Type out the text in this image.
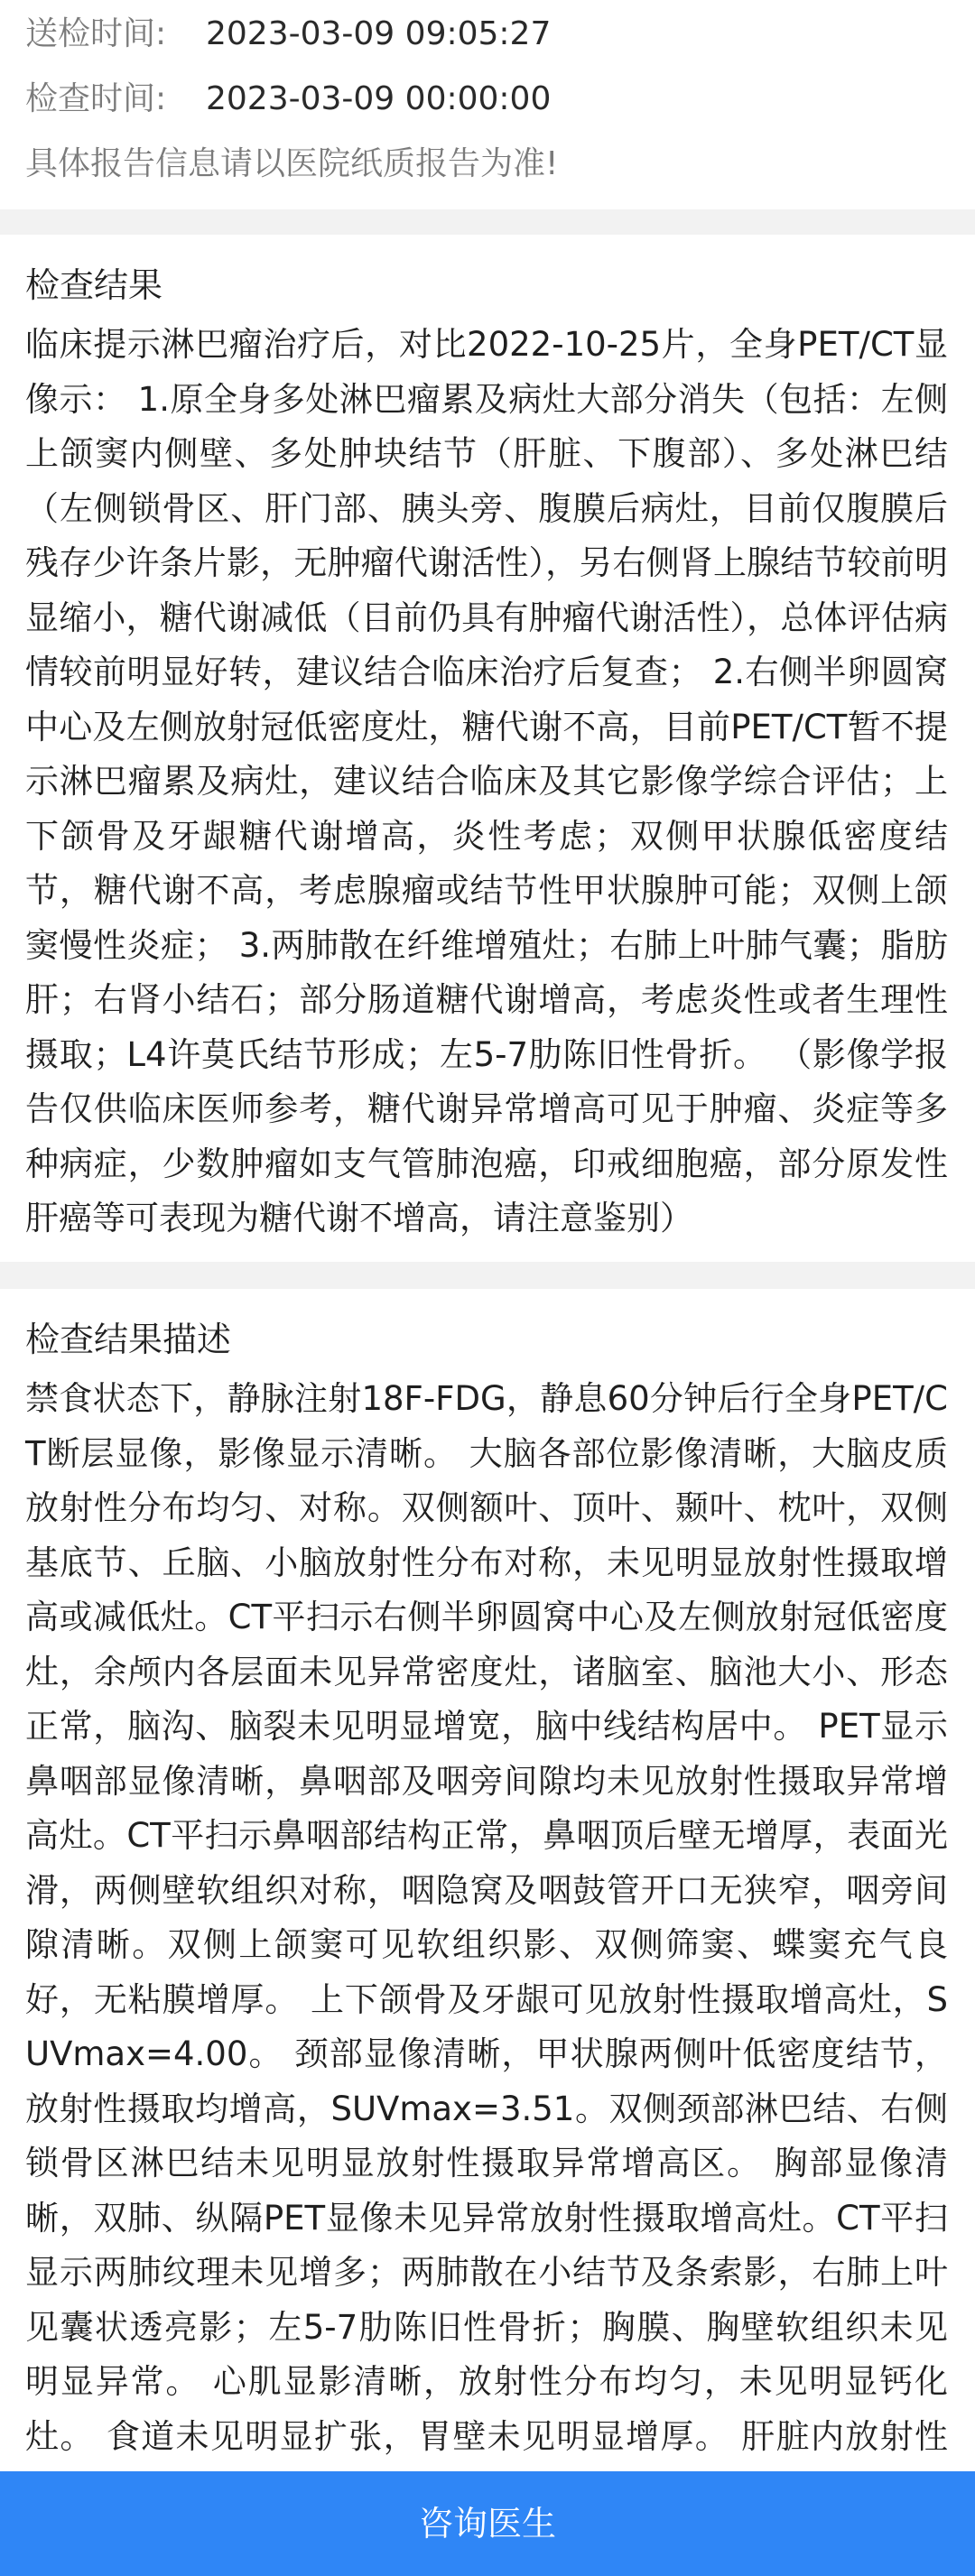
送检时间: 2023-03-09 09:05:27
检查时间: 2023-03-09 00:00:00
具体报告信息请以医院纸质报告为准!
检查结果
临床提示淋巴瘤治疗后，对比2022-10-25片，全身PET/CT显像示： 1.原全身多处淋巴瘤累及病灶大部分消失（包括：左侧上颌窦内侧壁、多处肿块结节（肝脏、下腹部）、多处淋巴结（左侧锁骨区、肝门部、胰头旁、腹膜后病灶，目前仅腹膜后残存少许条片影，无肿瘤代谢活性），另右侧肾上腺结节较前明显缩小，糖代谢减低（目前仍具有肿瘤代谢活性），总体评估病情较前明显好转，建议结合临床治疗后复查； 2.右侧半卵圆窝中心及左侧放射冠低密度灶，糖代谢不高，目前PET/CT暂不提示淋巴瘤累及病灶，建议结合临床及其它影像学综合评估；上下颌骨及牙龈糖代谢增高，炎性考虑；双侧甲状腺低密度结节，糖代谢不高，考虑腺瘤或结节性甲状腺肿可能；双侧上颌窦慢性炎症； 3.两肺散在纤维增殖灶；右肺上叶肺气囊；脂肪肝；右肾小结石；部分肠道糖代谢增高，考虑炎性或者生理性摄取；L4许莫氏结节形成；左5-7肋陈旧性骨折。 （影像学报告仅供临床医师参考，糖代谢异常增高可见于肿瘤、炎症等多种病症，少数肿瘤如支气管肺泡癌，印戒细胞癌，部分原发性肝癌等可表现为糖代谢不增高，请注意鉴别）
检查结果描述
禁食状态下，静脉注射18F-FDG，静息60分钟后行全身PET/CT断层显像，影像显示清晰。 大脑各部位影像清晰，大脑皮质放射性分布均匀、对称。双侧额叶、顶叶、颞叶、枕叶，双侧基底节、丘脑、小脑放射性分布对称，未见明显放射性摄取增高或减低灶。CT平扫示右侧半卵圆窝中心及左侧放射冠低密度灶，余颅内各层面未见异常密度灶，诸脑室、脑池大小、形态正常，脑沟、脑裂未见明显增宽，脑中线结构居中。 PET显示鼻咽部显像清晰，鼻咽部及咽旁间隙均未见放射性摄取异常增高灶。CT平扫示鼻咽部结构正常，鼻咽顶后壁无增厚，表面光滑，两侧壁软组织对称，咽隐窝及咽鼓管开口无狭窄，咽旁间隙清晰。双侧上颌窦可见软组织影、双侧筛窦、蝶窦充气良好，无粘膜增厚。 上下颌骨及牙龈可见放射性摄取增高灶，SUVmax=4.00。 颈部显像清晰，甲状腺两侧叶低密度结节，放射性摄取均增高，SUVmax=3.51。双侧颈部淋巴结、右侧锁骨区淋巴结未见明显放射性摄取异常增高区。 胸部显像清晰，双肺、纵隔PET显像未见异常放射性摄取增高灶。CT平扫显示两肺纹理未见增多；两肺散在小结节及条索影，右肺上叶见囊状透亮影；左5-7肋陈旧性骨折；胸膜、胸壁软组织未见明显异常。 心肌显影清晰，放射性分布均匀，未见明显钙化灶。 食道未见明显扩张，胃壁未见明显增厚。 肝脏内放射性
咨询医生
